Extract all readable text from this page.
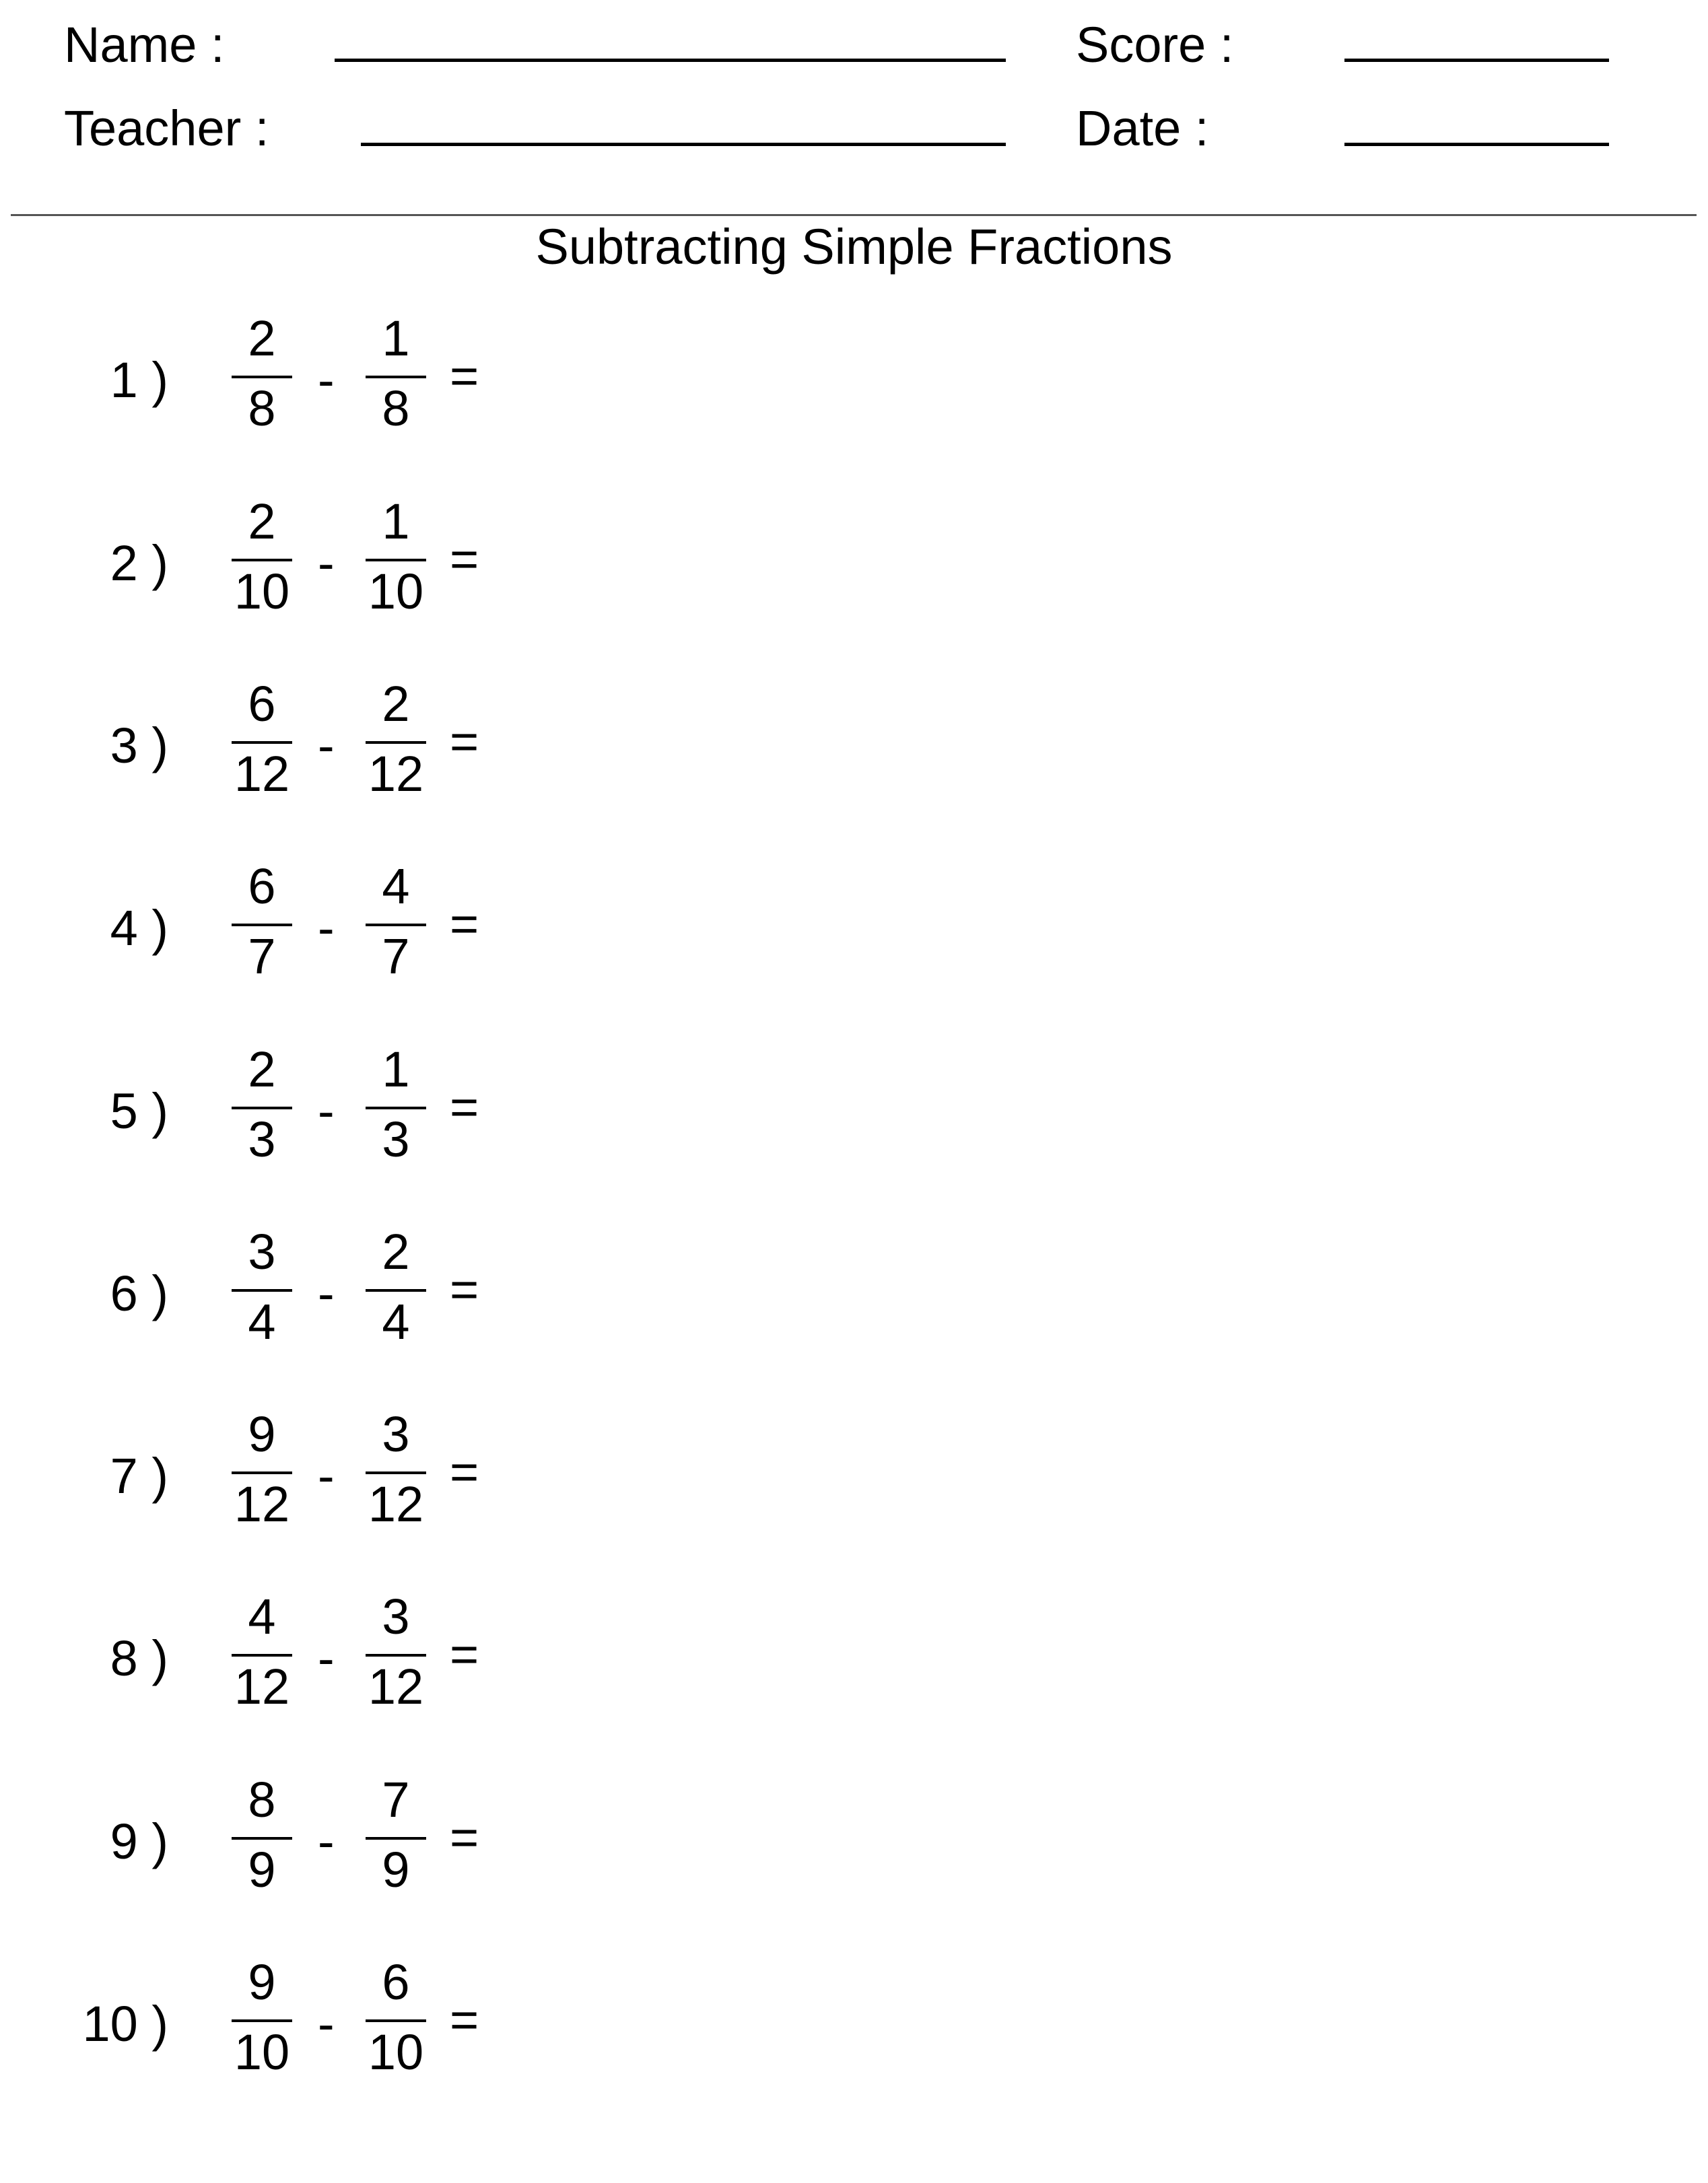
Name :	Score :
Teacher :	Date :
Subtracting Simple Fractions
1 )
2
8
-
1
8
=
2 )
2
10
-
1
10
=
3 )
6
12
-
2
12
=
4 )
6
7
-
4
7
=
5 )
2
3
-
1
3
=
6 )
3
4
-
2
4
=
7 )
9
12
-
3
12
=
8 )
4
12
-
3
12
=
9 )
8
9
-
7
9
=
10 )
9
10
-
6
10
=
